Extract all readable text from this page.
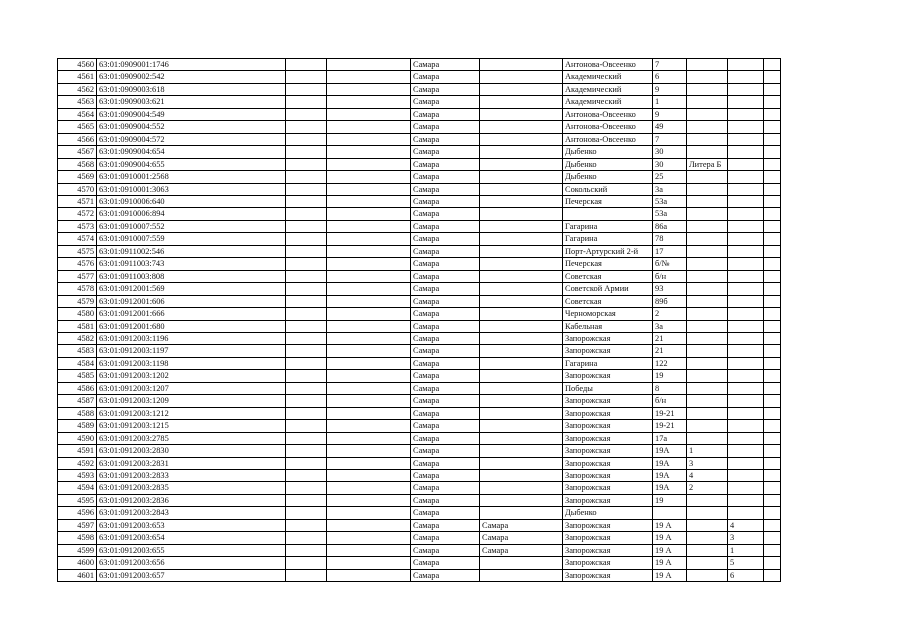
4560	63:01:0909001:1746			Самара		Антонова-Овсеенко	7			
4561	63:01:0909002:542			Самара		Академический	6			
4562	63:01:0909003:618			Самара		Академический	9			
4563	63:01:0909003:621			Самара		Академический	1			
4564	63:01:0909004:549			Самара		Антонова-Овсеенко	9			
4565	63:01:0909004:552			Самара		Антонова-Овсеенко	49			
4566	63:01:0909004:572			Самара		Антонова-Овсеенко	7			
4567	63:01:0909004:654			Самара		Дыбенко	30			
4568	63:01:0909004:655			Самара		Дыбенко	30	Литера Б		
4569	63:01:0910001:2568			Самара		Дыбенко	25			
4570	63:01:0910001:3063			Самара		Сокольский	3а			
4571	63:01:0910006:640			Самара		Печерская	53а			
4572	63:01:0910006:894			Самара			53а			
4573	63:01:0910007:552			Самара		Гагарина	86а			
4574	63:01:0910007:559			Самара		Гагарина	78			
4575	63:01:0911002:546			Самара		Порт-Артурский 2-й	17			
4576	63:01:0911003:743			Самара		Печерская	б/№			
4577	63:01:0911003:808			Самара		Советская	б/н			
4578	63:01:0912001:569			Самара		Советской Армии	93			
4579	63:01:0912001:606			Самара		Советская	89б			
4580	63:01:0912001:666			Самара		Черноморская	2			
4581	63:01:0912001:680			Самара		Кабельная	3а			
4582	63:01:0912003:1196			Самара		Запорожская	21			
4583	63:01:0912003:1197			Самара		Запорожская	21			
4584	63:01:0912003:1198			Самара		Гагарина	122			
4585	63:01:0912003:1202			Самара		Запорожская	19			
4586	63:01:0912003:1207			Самара		Победы	8			
4587	63:01:0912003:1209			Самара		Запорожская	б/н			
4588	63:01:0912003:1212			Самара		Запорожская	19-21			
4589	63:01:0912003:1215			Самара		Запорожская	19-21			
4590	63:01:0912003:2785			Самара		Запорожская	17а			
4591	63:01:0912003:2830			Самара		Запорожская	19А	1		
4592	63:01:0912003:2831			Самара		Запорожская	19А	3		
4593	63:01:0912003:2833			Самара		Запорожская	19А	4		
4594	63:01:0912003:2835			Самара		Запорожская	19А	2		
4595	63:01:0912003:2836			Самара		Запорожская	19			
4596	63:01:0912003:2843			Самара		Дыбенко				
4597	63:01:0912003:653			Самара	Самара	Запорожская	19 А		4	
4598	63:01:0912003:654			Самара	Самара	Запорожская	19 А		3	
4599	63:01:0912003:655			Самара	Самара	Запорожская	19 А		1	
4600	63:01:0912003:656			Самара		Запорожская	19 А		5	
4601	63:01:0912003:657			Самара		Запорожская	19 А		6	
